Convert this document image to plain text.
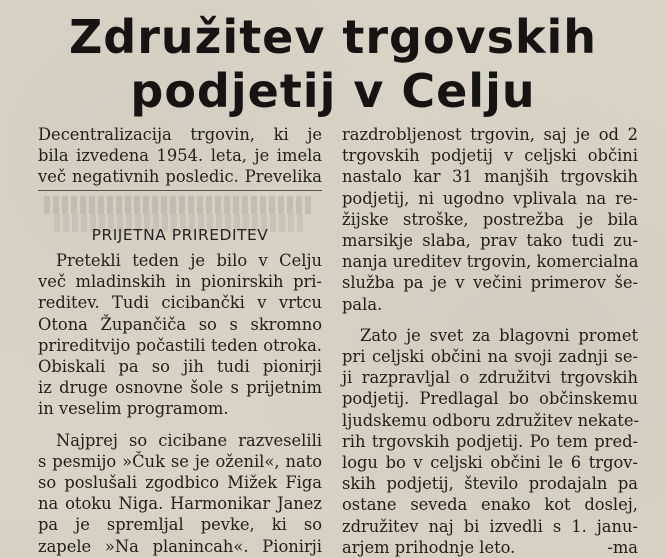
Združitev trgovskih
podjetij v Celju
Decentralizacija trgovin, ki je
bila izvedena 1954. leta, je imela
več negativnih posledic. Prevelika
PRIJETNA PRIREDITEV
Pretekli teden je bilo v Celju
več mladinskih in pionirskih pri-
reditev. Tudi cicibančki v vrtcu
Otona Župančiča so s skromno
prireditvijo počastili teden otroka.
Obiskali pa so jih tudi pionirji
iz druge osnovne šole s prijetnim
in veselim programom.
Najprej so cicibane razveselili
s pesmijo »Čuk se je oženil«, nato
so poslušali zgodbico Mižek Figa
na otoku Niga. Harmonikar Janez
pa je spremljal pevke, ki so
zapele »Na planincah«. Pionirji
razdrobljenost trgovin, saj je od 2
trgovskih podjetij v celjski občini
nastalo kar 31 manjših trgovskih
podjetij, ni ugodno vplivala na re-
žijske stroške, postrežba je bila
marsikje slaba, prav tako tudi zu-
nanja ureditev trgovin, komercialna
služba pa je v večini primerov še-
pala.
Zato je svet za blagovni promet
pri celjski občini na svoji zadnji se-
ji razpravljal o združitvi trgovskih
podjetij. Predlagal bo občinskemu
ljudskemu odboru združitev nekate-
rih trgovskih podjetij. Po tem pred-
logu bo v celjski občini le 6 trgov-
skih podjetij, število prodajaln pa
ostane seveda enako kot doslej,
združitev naj bi izvedli s 1. janu-
arjem prihodnje leto.	-ma
